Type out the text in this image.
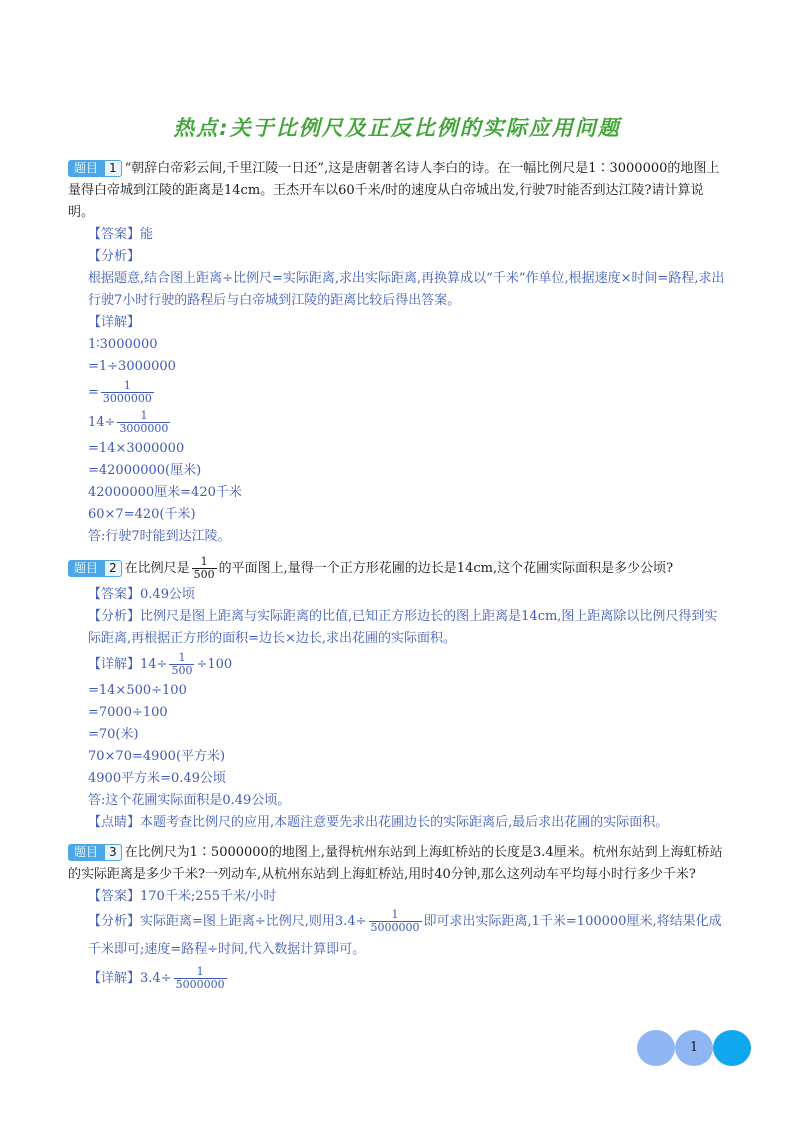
热点:关于比例尺及正反比例的实际应用问题
题目 1 “朝辞白帝彩云间,千里江陵一日还”,这是唐朝著名诗人李白的诗。在一幅比例尺是1∶3000000的地图上量得白帝城到江陵的距离是14cm。王杰开车以60千米/时的速度从白帝城出发,行驶7时能否到达江陵?请计算说明。
【答案】能
【分析】
根据题意,结合图上距离÷比例尺=实际距离,求出实际距离,再换算成以“千米”作单位,根据速度×时间=路程,求出行驶7小时行驶的路程后与白帝城到江陵的距离比较后得出答案。
【详解】
1∶3000000
=1÷3000000
= $\frac{1}{3000000}$
$14\div \frac{1}{3000000}$
=14×3000000
=42000000(厘米)
42000000厘米=420千米
60×7=420(千米)
答:行驶7时能到达江陵。
题目 2 在比例尺是 $\frac{1}{500}$ 的平面图上,量得一个正方形花圃的边长是14cm,这个花圃实际面积是多少公顷?
【答案】0.49公顷
【分析】比例尺是图上距离与实际距离的比值,已知正方形边长的图上距离是14cm,图上距离除以比例尺得到实际距离,再根据正方形的面积=边长×边长,求出花圃的实际面积。
【详解】$14\div \frac{1}{500} \div 100$
=14×500÷100
=7000÷100
=70(米)
70×70=4900(平方米)
4900平方米=0.49公顷
答:这个花圃实际面积是0.49公顷。
【点睛】本题考查比例尺的应用,本题注意要先求出花圃边长的实际距离后,最后求出花圃的实际面积。
题目 3 在比例尺为1∶5000000的地图上,量得杭州东站到上海虹桥站的长度是3.4厘米。杭州东站到上海虹桥站的实际距离是多少千米?一列动车,从杭州东站到上海虹桥站,用时40分钟,那么这列动车平均每小时行多少千米?
【答案】170千米;255千米/小时
【分析】实际距离=图上距离÷比例尺,则用$3.4\div \frac{1}{5000000}$ 即可求出实际距离,1千米=100000厘米,将结果化成千米即可;速度=路程÷时间,代入数据计算即可。
【详解】$3.4\div \frac{1}{5000000}$
1
